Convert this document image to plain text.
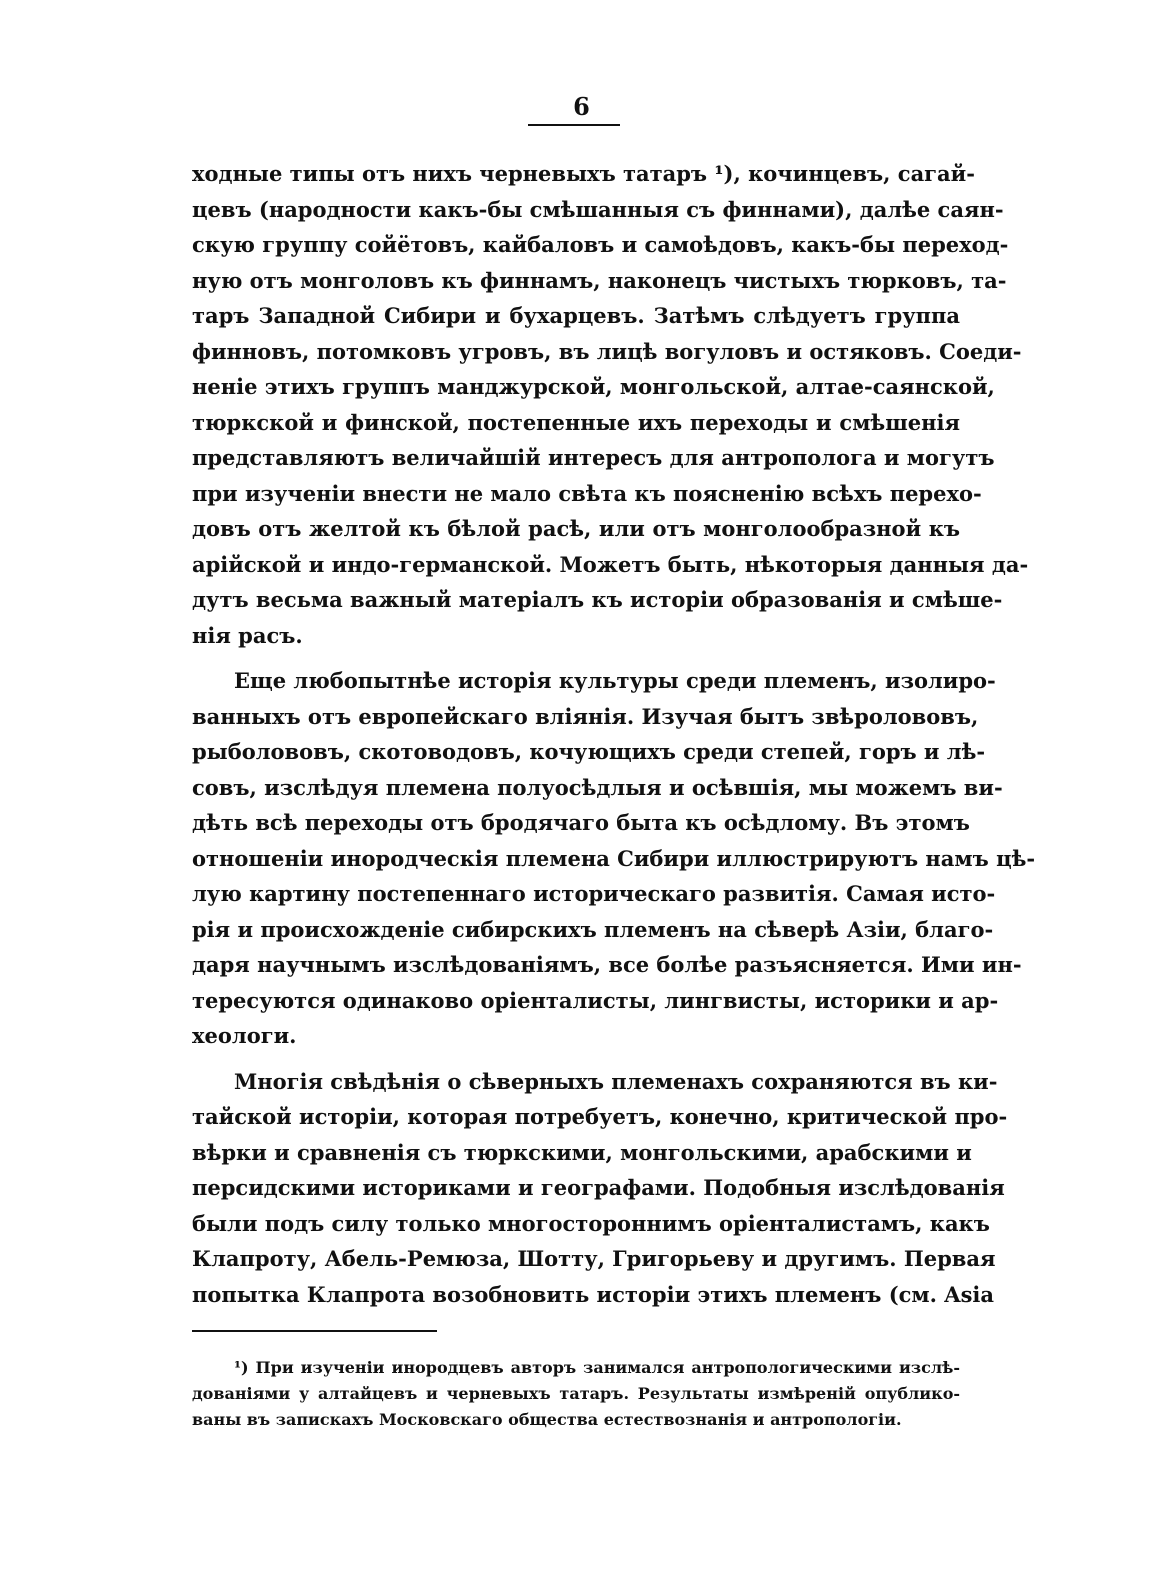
6
ходные типы отъ нихъ черневыхъ татаръ ¹), кочинцевъ, сагай-
цевъ (народности какъ-бы смѣшанныя съ финнами), далѣе саян-
скую группу сойётовъ, кайбаловъ и самоѣдовъ, какъ-бы переход-
ную отъ монголовъ къ финнамъ, наконецъ чистыхъ тюрковъ, та-
таръ Западной Сибири и бухарцевъ. Затѣмъ слѣдуетъ группа
финновъ, потомковъ угровъ, въ лицѣ вогуловъ и остяковъ. Соеди-
неніе этихъ группъ манджурской, монгольской, алтае-саянской,
тюркской и финской, постепенные ихъ переходы и смѣшенія
представляютъ величайшій интересъ для антрополога и могутъ
при изученіи внести не мало свѣта къ поясненію всѣхъ перехо-
довъ отъ желтой къ бѣлой расѣ, или отъ монголообразной къ
арійской и индо-германской. Можетъ быть, нѣкоторыя данныя да-
дутъ весьма важный матеріалъ къ исторіи образованія и смѣше-
нія расъ.
Еще любопытнѣе исторія культуры среди племенъ, изолиро-
ванныхъ отъ европейскаго вліянія. Изучая бытъ звѣролововъ,
рыболововъ, скотоводовъ, кочующихъ среди степей, горъ и лѣ-
совъ, изслѣдуя племена полуосѣдлыя и осѣвшія, мы можемъ ви-
дѣть всѣ переходы отъ бродячаго быта къ осѣдлому. Въ этомъ
отношеніи инородческія племена Сибири иллюстрируютъ намъ цѣ-
лую картину постепеннаго историческаго развитія. Самая исто-
рія и происхожденіе сибирскихъ племенъ на сѣверѣ Азіи, благо-
даря научнымъ изслѣдованіямъ, все болѣе разъясняется. Ими ин-
тересуются одинаково оріенталисты, лингвисты, историки и ар-
хеологи.
Многія свѣдѣнія о сѣверныхъ племенахъ сохраняются въ ки-
тайской исторіи, которая потребуетъ, конечно, критической про-
вѣрки и сравненія съ тюркскими, монгольскими, арабскими и
персидскими историками и географами. Подобныя изслѣдованія
были подъ силу только многостороннимъ оріенталистамъ, какъ
Клапроту, Абель-Ремюза, Шотту, Григорьеву и другимъ. Первая
попытка Клапрота возобновить исторіи этихъ племенъ (см. Asia
¹) При изученіи инородцевъ авторъ занимался антропологическими изслѣ-
дованіями у алтайцевъ и черневыхъ татаръ. Результаты измѣреній опублико-
ваны въ запискахъ Московскаго общества естествознанія и антропологіи.
